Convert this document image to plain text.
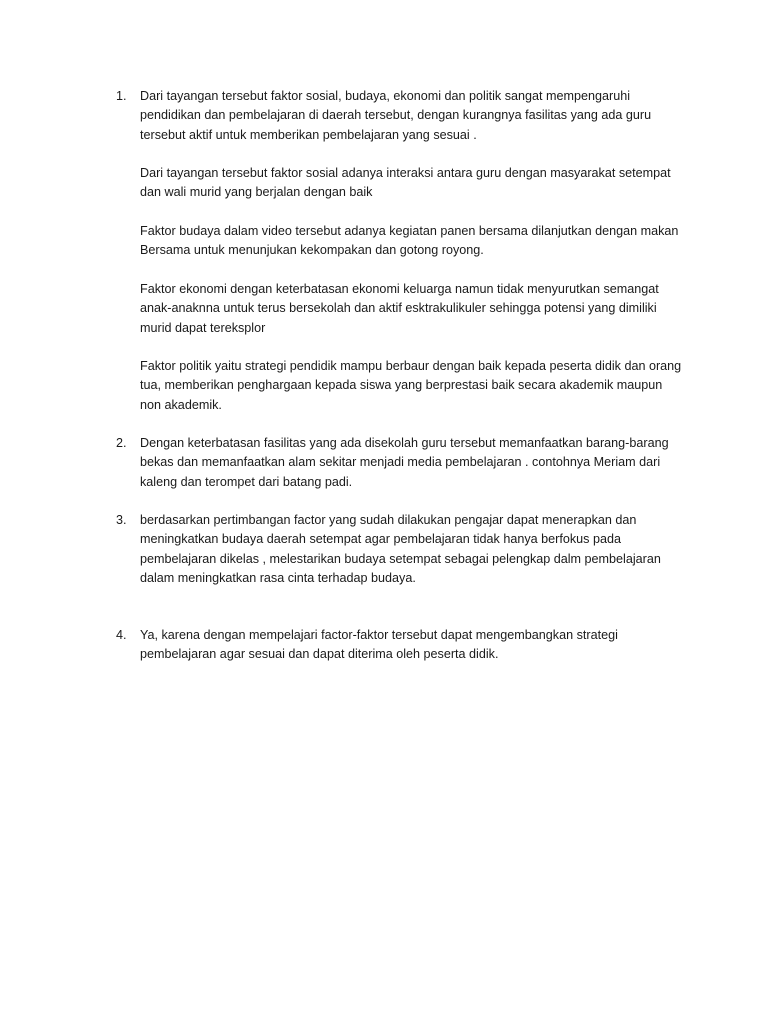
1. Dari tayangan tersebut faktor sosial, budaya, ekonomi dan politik sangat mempengaruhi pendidikan dan pembelajaran di daerah tersebut, dengan kurangnya fasilitas yang ada guru tersebut aktif untuk memberikan pembelajaran yang sesuai .

Dari tayangan tersebut faktor sosial adanya interaksi antara guru dengan masyarakat setempat dan wali murid yang berjalan dengan baik

Faktor budaya dalam video tersebut adanya kegiatan panen bersama dilanjutkan dengan makan Bersama untuk menunjukan kekompakan dan gotong royong.

Faktor ekonomi dengan keterbatasan ekonomi keluarga namun tidak menyurutkan semangat anak-anaknna untuk terus bersekolah dan aktif esktrakulikuler sehingga potensi yang dimiliki murid dapat tereksplor

Faktor politik yaitu strategi pendidik mampu berbaur dengan baik kepada peserta didik dan orang tua, memberikan penghargaan kepada siswa yang berprestasi baik secara akademik maupun non akademik.

2. Dengan keterbatasan fasilitas yang ada disekolah guru tersebut memanfaatkan barang-barang bekas dan memanfaatkan alam sekitar menjadi media pembelajaran . contohnya Meriam dari kaleng dan terompet dari batang padi.

3. berdasarkan pertimbangan factor yang sudah dilakukan pengajar dapat menerapkan dan meningkatkan budaya daerah setempat agar pembelajaran tidak hanya berfokus pada pembelajaran dikelas , melestarikan budaya setempat sebagai pelengkap dalm pembelajaran dalam meningkatkan rasa cinta terhadap budaya.

4. Ya, karena dengan mempelajari factor-faktor tersebut dapat mengembangkan strategi pembelajaran agar sesuai dan dapat diterima oleh peserta didik.
